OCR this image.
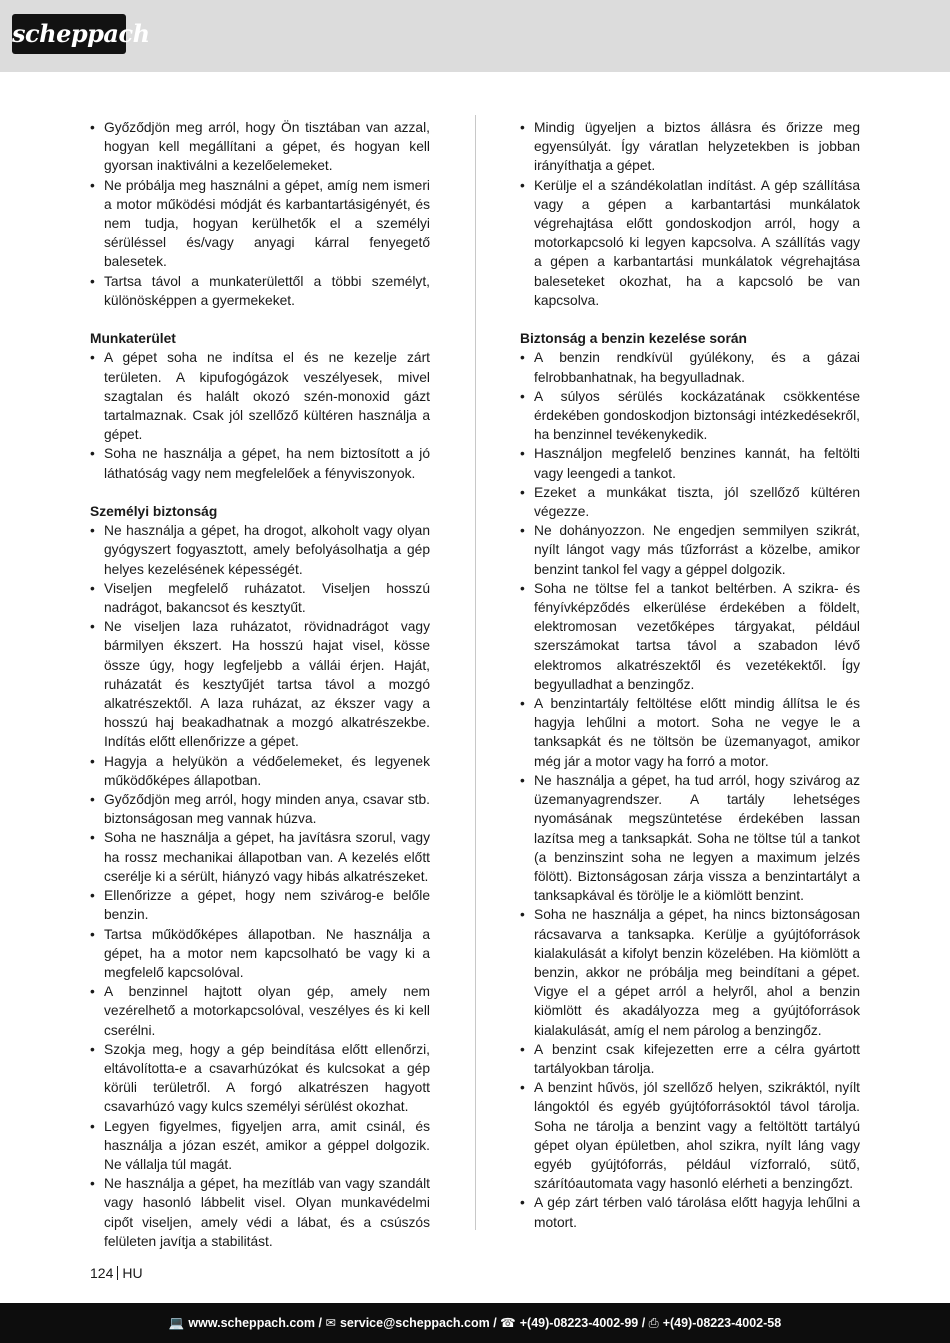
scheppach
• Győződjön meg arról, hogy Ön tisztában van azzal, hogyan kell megállítani a gépet, és hogyan kell gyorsan inaktiválni a kezelőelemeket.
• Ne próbálja meg használni a gépet, amíg nem ismeri a motor működési módját és karbantartásigényét, és nem tudja, hogyan kerülhetők el a személyi sérüléssel és/vagy anyagi kárral fenyegető balesetek.
• Tartsa távol a munkaterülettől a többi személyt, különösképpen a gyermekeket.
Munkaterület
• A gépet soha ne indítsa el és ne kezelje zárt területen. A kipufogógázok veszélyesek, mivel szagtalan és halált okozó szén-monoxid gázt tartalmaznak. Csak jól szellőző kültéren használja a gépet.
• Soha ne használja a gépet, ha nem biztosított a jó láthatóság vagy nem megfelelőek a fényviszonyok.
Személyi biztonság
• Ne használja a gépet, ha drogot, alkoholt vagy olyan gyógyszert fogyasztott, amely befolyásolhatja a gép helyes kezelésének képességét.
• Viseljen megfelelő ruházatot. Viseljen hosszú nadrágot, bakancsot és kesztyűt.
• Ne viseljen laza ruházatot, rövidnadrágot vagy bármilyen ékszert. Ha hosszú hajat visel, kösse össze úgy, hogy legfeljebb a vállái érjen. Haját, ruházatát és kesztyűjét tartsa távol a mozgó alkatrészektől. A laza ruházat, az ékszer vagy a hosszú haj beakadhatnak a mozgó alkatrészekbe. Indítás előtt ellenőrizze a gépet.
• Hagyja a helyükön a védőelemeket, és legyenek működőképes állapotban.
• Győződjön meg arról, hogy minden anya, csavar stb. biztonságosan meg vannak húzva.
• Soha ne használja a gépet, ha javításra szorul, vagy ha rossz mechanikai állapotban van. A kezelés előtt cserélje ki a sérült, hiányzó vagy hibás alkatrészeket.
• Ellenőrizze a gépet, hogy nem szivárog-e belőle benzin.
• Tartsa működőképes állapotban. Ne használja a gépet, ha a motor nem kapcsolható be vagy ki a megfelelő kapcsolóval.
• A benzinnel hajtott olyan gép, amely nem vezérelhető a motorkapcsolóval, veszélyes és ki kell cserélni.
• Szokja meg, hogy a gép beindítása előtt ellenőrzi, eltávolította-e a csavarhúzókat és kulcsokat a gép körüli területről. A forgó alkatrészen hagyott csavarhúzó vagy kulcs személyi sérülést okozhat.
• Legyen figyelmes, figyeljen arra, amit csinál, és használja a józan eszét, amikor a géppel dolgozik. Ne vállalja túl magát.
• Ne használja a gépet, ha mezítláb van vagy szandált vagy hasonló lábbelit visel. Olyan munkavédelmi cipőt viseljen, amely védi a lábat, és a csúszós felületen javítja a stabilitást.
• Mindig ügyeljen a biztos állásra és őrizze meg egyensúlyát. Így váratlan helyzetekben is jobban irányíthatja a gépet.
• Kerülje el a szándékolatlan indítást. A gép szállítása vagy a gépen a karbantartási munkálatok végrehajtása előtt gondoskodjon arról, hogy a motorkapcsoló ki legyen kapcsolva. A szállítás vagy a gépen a karbantartási munkálatok végrehajtása baleseteket okozhat, ha a kapcsoló be van kapcsolva.
Biztonság a benzin kezelése során
• A benzin rendkívül gyúlékony, és a gázai felrobbanhatnak, ha begyulladnak.
• A súlyos sérülés kockázatának csökkentése érdekében gondoskodjon biztonsági intézkedésekről, ha benzinnel tevékenykedik.
• Használjon megfelelő benzines kannát, ha feltölti vagy leengedi a tankot.
• Ezeket a munkákat tiszta, jól szellőző kültéren végezze.
• Ne dohányozzon. Ne engedjen semmilyen szikrát, nyílt lángot vagy más tűzforrást a közelbe, amikor benzint tankol fel vagy a géppel dolgozik.
• Soha ne töltse fel a tankot beltérben. A szikra- és fényívképződés elkerülése érdekében a földelt, elektromosan vezetőképes tárgyakat, például szerszámokat tartsa távol a szabadon lévő elektromos alkatrészektől és vezetékektől. Így begyulladhat a benzingőz.
• A benzintartály feltöltése előtt mindig állítsa le és hagyja lehűlni a motort. Soha ne vegye le a tanksapkát és ne töltsön be üzemanyagot, amikor még jár a motor vagy ha forró a motor.
• Ne használja a gépet, ha tud arról, hogy szivárog az üzemanyagrendszer. A tartály lehetséges nyomásának megszüntetése érdekében lassan lazítsa meg a tanksapkát. Soha ne töltse túl a tankot (a benzinszint soha ne legyen a maximum jelzés fölött). Biztonságosan zárja vissza a benzintartályt a tanksapkával és törölje le a kiömlött benzint.
• Soha ne használja a gépet, ha nincs biztonságosan rácsavarva a tanksapka. Kerülje a gyújtóforrások kialakulását a kifolyt benzin közelében. Ha kiömlött a benzin, akkor ne próbálja meg beindítani a gépet. Vigye el a gépet arról a helyről, ahol a benzin kiömlött és akadályozza meg a gyújtóforrások kialakulását, amíg el nem párolog a benzingőz.
• A benzint csak kifejezetten erre a célra gyártott tartályokban tárolja.
• A benzint hűvös, jól szellőző helyen, szikráktól, nyílt lángoktól és egyéb gyújtóforrásoktól távol tárolja. Soha ne tárolja a benzint vagy a feltöltött tartályú gépet olyan épületben, ahol szikra, nyílt láng vagy egyéb gyújtóforrás, például vízforraló, sütő, szárítóautomata vagy hasonló elérheti a benzingőzt.
• A gép zárt térben való tárolása előtt hagyja lehűlni a motort.
124 HU
💻 www.scheppach.com / ✉ service@scheppach.com / ☎ +(49)-08223-4002-99 / ⎙ +(49)-08223-4002-58
